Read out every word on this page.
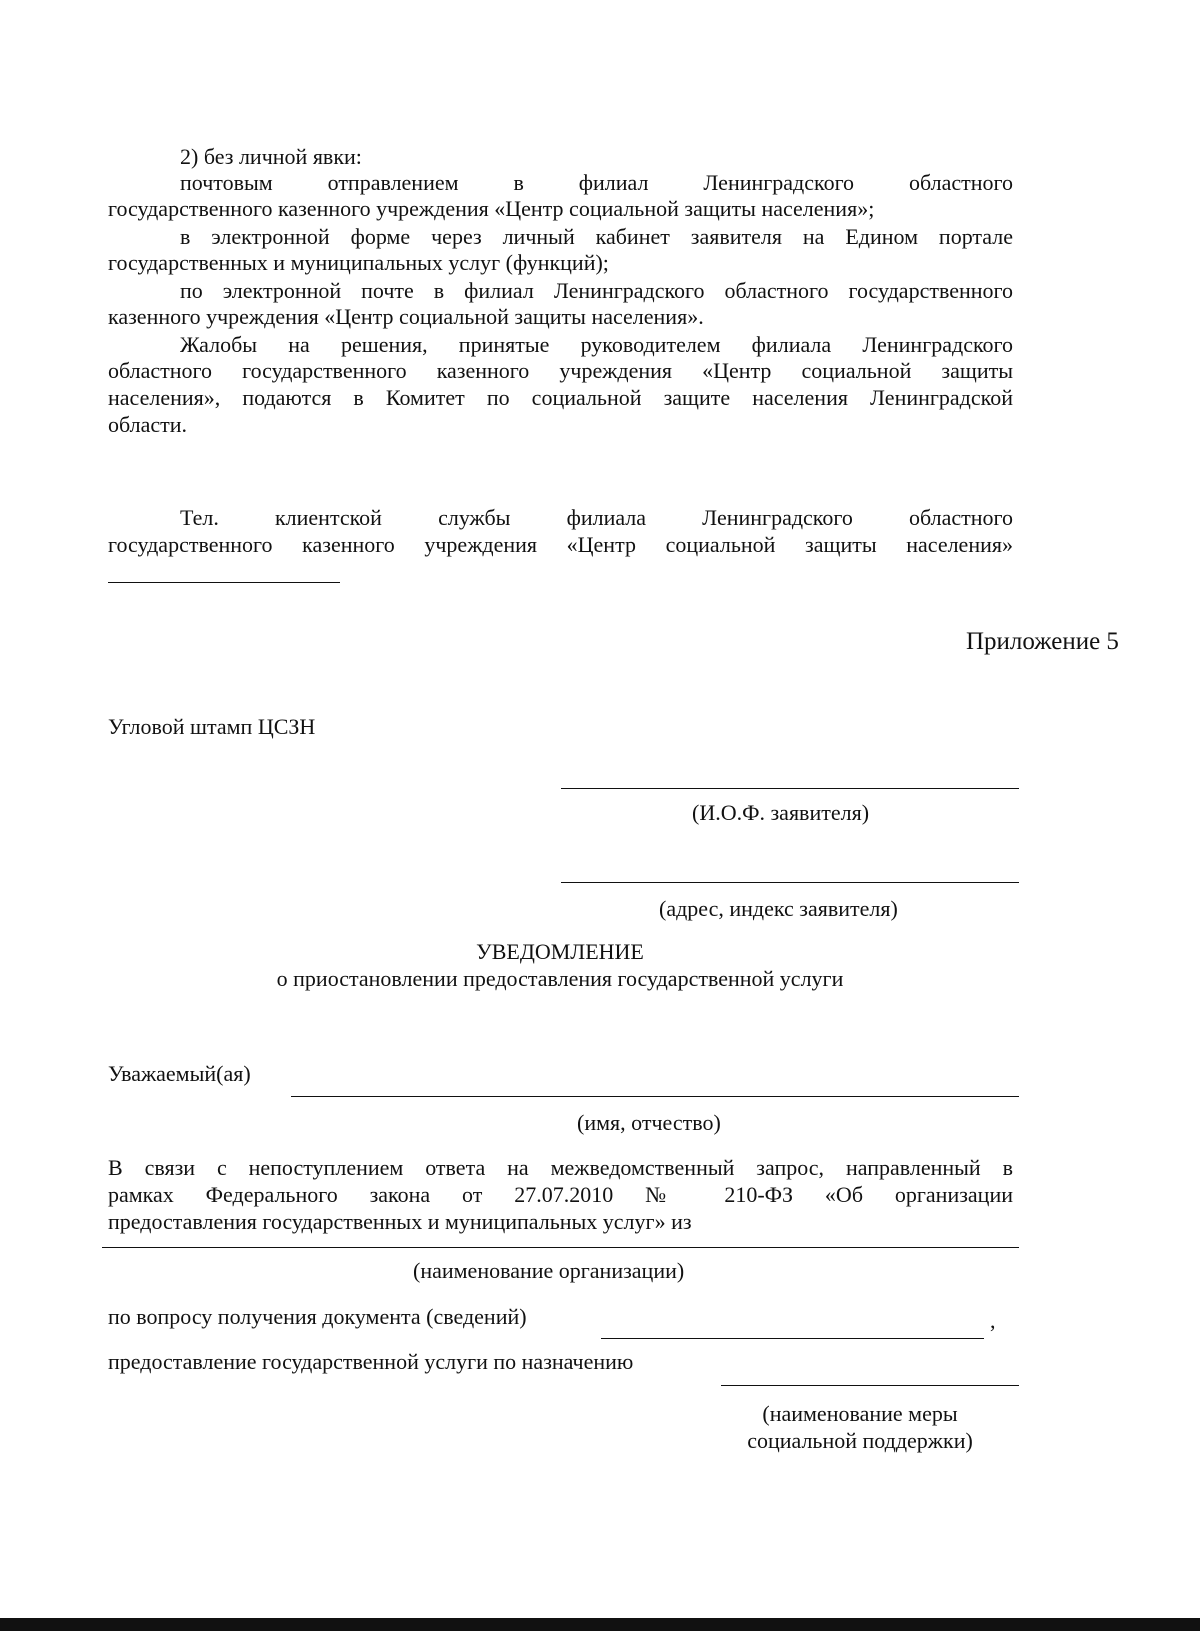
2) без личной явки:
почтовым отправлением в филиал Ленинградского областного
государственного казенного учреждения «Центр социальной защиты населения»;
в электронной форме через личный кабинет заявителя на Едином портале
государственных и муниципальных услуг (функций);
по электронной почте в филиал Ленинградского областного государственного
казенного учреждения «Центр социальной защиты населения».
Жалобы на решения, принятые руководителем филиала Ленинградского
областного государственного казенного учреждения «Центр социальной защиты
населения», подаются в Комитет по социальной защите населения Ленинградской
области.
Тел. клиентской службы филиала Ленинградского областного
государственного казенного учреждения «Центр социальной защиты населения»
Приложение 5
Угловой штамп ЦСЗН
(И.О.Ф. заявителя)
(адрес, индекс заявителя)
УВЕДОМЛЕНИЕ
о приостановлении предоставления государственной услуги
Уважаемый(ая)
(имя, отчество)
В связи с непоступлением ответа на межведомственный запрос, направленный в
рамках Федерального закона от 27.07.2010 № 210-ФЗ «Об организации
предоставления государственных и муниципальных услуг» из
(наименование организации)
по вопросу получения документа (сведений)	,
предоставление государственной услуги по назначению
(наименование меры
социальной поддержки)
